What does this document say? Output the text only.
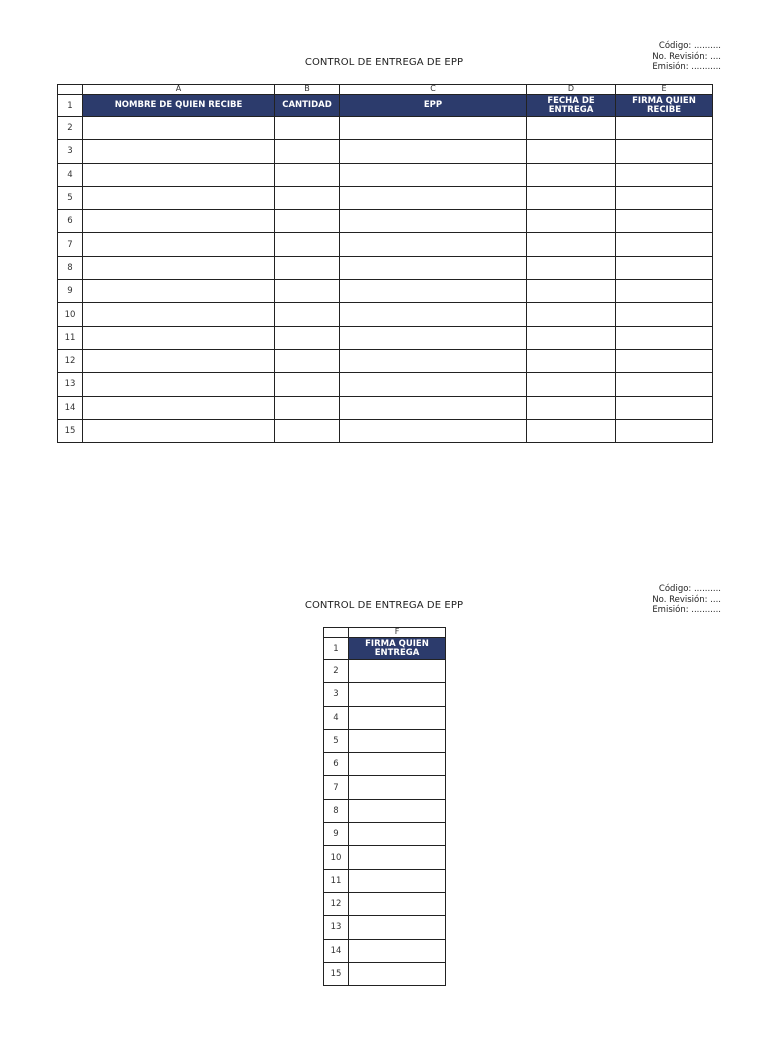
Código: ..........
No. Revisión: ....
Emisión: ...........
CONTROL DE ENTREGA DE EPP
	A	B	C	D	E
1	NOMBRE DE QUIEN RECIBE	CANTIDAD	EPP	FECHA DE ENTREGA	FIRMA QUIEN RECIBE
2					
3					
4					
5					
6					
7					
8					
9					
10					
11					
12					
13					
14					
15					
Código: ..........
No. Revisión: ....
Emisión: ...........
CONTROL DE ENTREGA DE EPP
	F
1	FIRMA QUIEN ENTREGA
2	
3	
4	
5	
6	
7	
8	
9	
10	
11	
12	
13	
14	
15	
